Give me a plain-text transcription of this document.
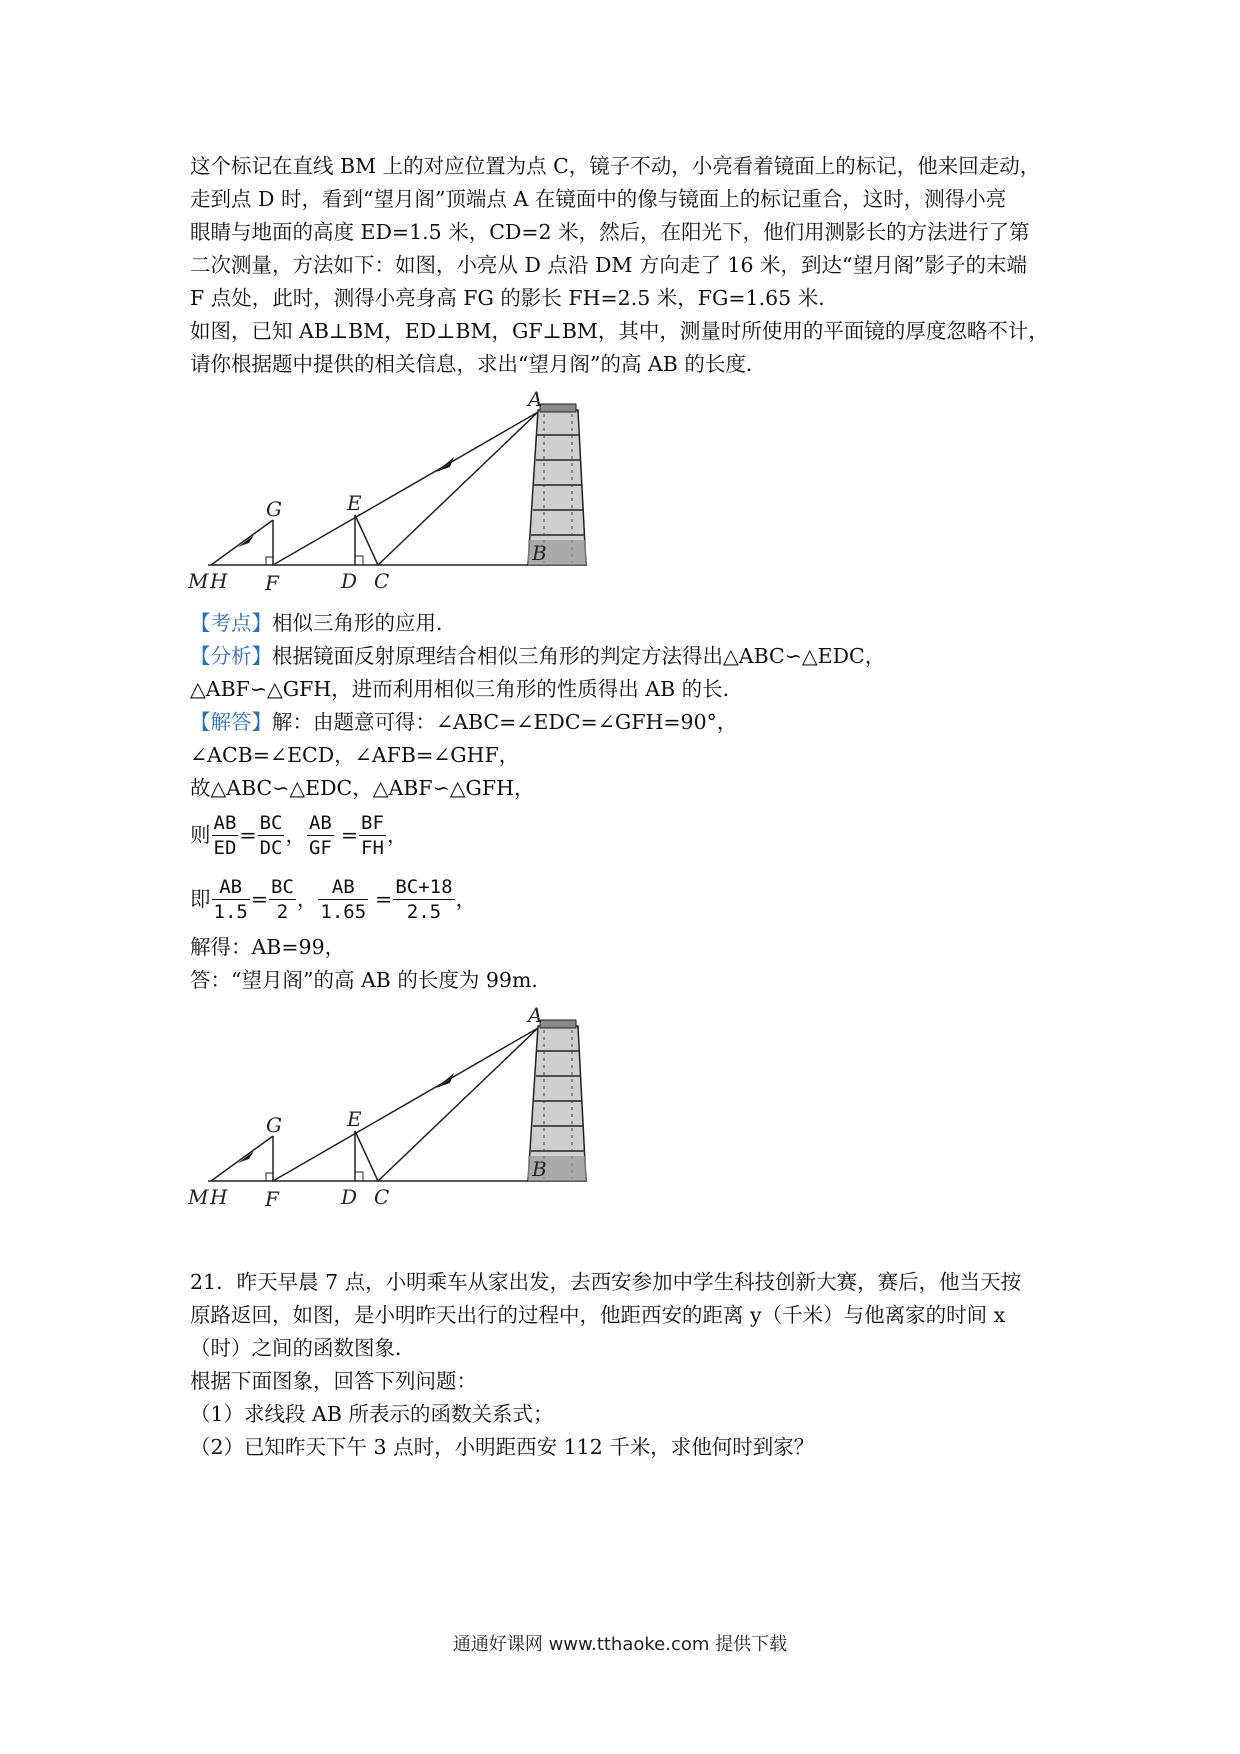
这个标记在直线 BM 上的对应位置为点 C，镜子不动，小亮看着镜面上的标记，他来回走动，
走到点 D 时，看到“望月阁”顶端点 A 在镜面中的像与镜面上的标记重合，这时，测得小亮
眼睛与地面的高度 ED=1.5 米，CD=2 米，然后，在阳光下，他们用测影长的方法进行了第
二次测量，方法如下：如图，小亮从 D 点沿 DM 方向走了 16 米，到达“望月阁”影子的末端
F 点处，此时，测得小亮身高 FG 的影长 FH=2.5 米，FG=1.65 米．
如图，已知 AB⊥BM，ED⊥BM，GF⊥BM，其中，测量时所使用的平面镜的厚度忽略不计，
请你根据题中提供的相关信息，求出“望月阁”的高 AB 的长度．
A
B
C
D
E
F
G
H
M
【考点】相似三角形的应用．
【分析】根据镜面反射原理结合相似三角形的判定方法得出△ABC∽△EDC，
△ABF∽△GFH，进而利用相似三角形的性质得出 AB 的长．
【解答】解：由题意可得：∠ABC=∠EDC=∠GFH=90°，
∠ACB=∠ECD，∠AFB=∠GHF，
故△ABC∽△EDC，△ABF∽△GFH，
则 $\frac{AB}{ED} = \frac{BC}{DC}$ ， $\frac{AB}{GF} = \frac{BF}{FH}$ ，
即 $\frac{AB}{1.5} = \frac{BC}{2}$ ， $\frac{AB}{1.65} = \frac{BC+18}{2.5}$ ，
解得：AB=99，
答：“望月阁”的高 AB 的长度为 99m.
A
B
C
D
E
F
G
H
M
21．昨天早晨 7 点，小明乘车从家出发，去西安参加中学生科技创新大赛，赛后，他当天按
原路返回，如图，是小明昨天出行的过程中，他距西安的距离 y（千米）与他离家的时间 x
（时）之间的函数图象．
根据下面图象，回答下列问题：
（1）求线段 AB 所表示的函数关系式；
（2）已知昨天下午 3 点时，小明距西安 112 千米，求他何时到家？
通通好课网 www.tthaoke.com 提供下载
